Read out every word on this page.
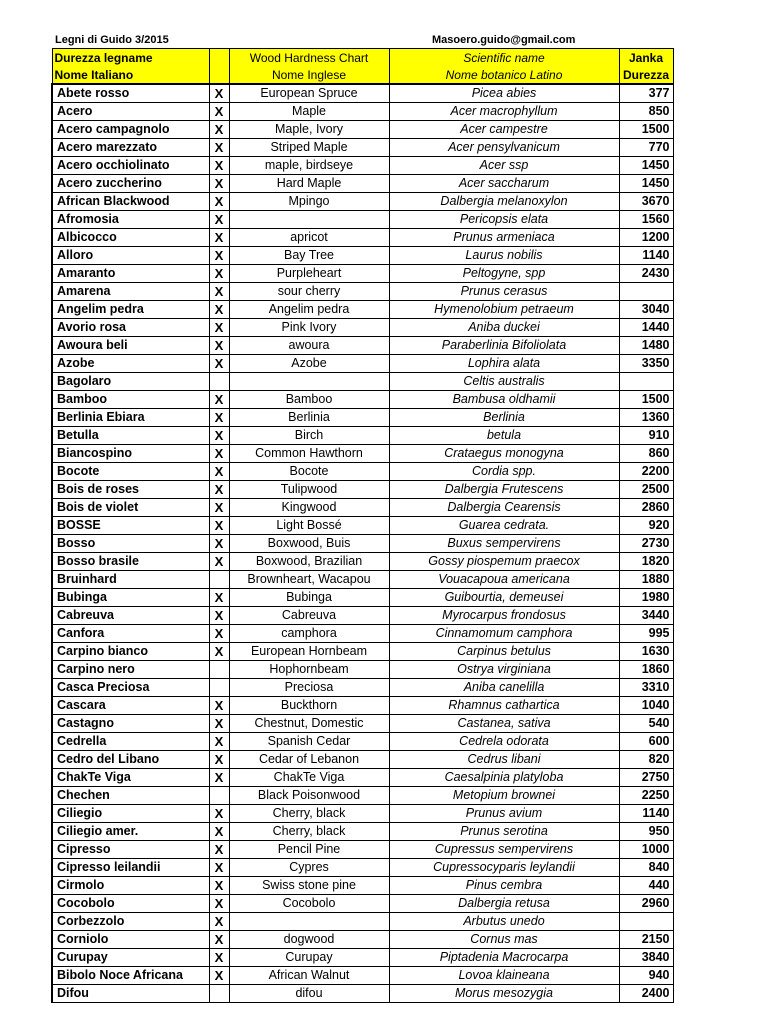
Legni di Guido 3/2015	Masoero.guido@gmail.com
Durezza legname		Wood Hardness Chart	Scientific name	Janka
Nome Italiano		Nome Inglese	Nome botanico Latino	Durezza
Abete rosso	X	European Spruce	Picea abies	377
Acero	X	Maple	Acer macrophyllum	850
Acero campagnolo	X	Maple, Ivory	Acer campestre	1500
Acero marezzato	X	Striped Maple	Acer pensylvanicum	770
Acero occhiolinato	X	maple, birdseye	Acer ssp	1450
Acero zuccherino	X	Hard Maple	Acer saccharum	1450
African Blackwood	X	Mpingo	Dalbergia melanoxylon	3670
Afromosia	X		Pericopsis elata	1560
Albicocco	X	apricot	Prunus armeniaca	1200
Alloro	X	Bay Tree	Laurus nobilis	1140
Amaranto	X	Purpleheart	Peltogyne, spp	2430
Amarena	X	sour cherry	Prunus cerasus	
Angelim pedra	X	Angelim pedra	Hymenolobium petraeum	3040
Avorio rosa	X	Pink Ivory	Aniba duckei	1440
Awoura beli	X	awoura	Paraberlinia Bifoliolata	1480
Azobe	X	Azobe	Lophira alata	3350
Bagolaro			Celtis australis	
Bamboo	X	Bamboo	Bambusa oldhamii	1500
Berlinia Ebiara	X	Berlinia	Berlinia	1360
Betulla	X	Birch	betula	910
Biancospino	X	Common Hawthorn	Crataegus monogyna	860
Bocote	X	Bocote	Cordia spp.	2200
Bois de roses	X	Tulipwood	Dalbergia Frutescens	2500
Bois de violet	X	Kingwood	Dalbergia Cearensis	2860
BOSSE	X	Light Bossé	Guarea cedrata.	920
Bosso	X	Boxwood, Buis	Buxus sempervirens	2730
Bosso brasile	X	Boxwood, Brazilian	Gossy piospemum praecox	1820
Bruinhard		Brownheart, Wacapou	Vouacapoua americana	1880
Bubinga	X	Bubinga	Guibourtia, demeusei	1980
Cabreuva	X	Cabreuva	Myrocarpus frondosus	3440
Canfora	X	camphora	Cinnamomum camphora	995
Carpino bianco	X	European Hornbeam	Carpinus betulus	1630
Carpino nero		Hophornbeam	Ostrya virginiana	1860
Casca Preciosa		Preciosa	Aniba canelilla	3310
Cascara	X	Buckthorn	Rhamnus cathartica	1040
Castagno	X	Chestnut, Domestic	Castanea, sativa	540
Cedrella	X	Spanish Cedar	Cedrela odorata	600
Cedro del Libano	X	Cedar of Lebanon	Cedrus libani	820
ChakTe Viga	X	ChakTe Viga	Caesalpinia platyloba	2750
Chechen		Black Poisonwood	Metopium brownei	2250
Ciliegio	X	Cherry, black	Prunus avium	1140
Ciliegio amer.	X	Cherry, black	Prunus serotina	950
Cipresso	X	Pencil Pine	Cupressus sempervirens	1000
Cipresso leilandii	X	Cypres	Cupressocyparis leylandii	840
Cirmolo	X	Swiss stone pine	Pinus cembra	440
Cocobolo	X	Cocobolo	Dalbergia retusa	2960
Corbezzolo	X		Arbutus unedo	
Corniolo	X	dogwood	Cornus mas	2150
Curupay	X	Curupay	Piptadenia Macrocarpa	3840
Bibolo Noce Africana	X	African Walnut	Lovoa klaineana	940
Difou		difou	Morus mesozygia	2400
